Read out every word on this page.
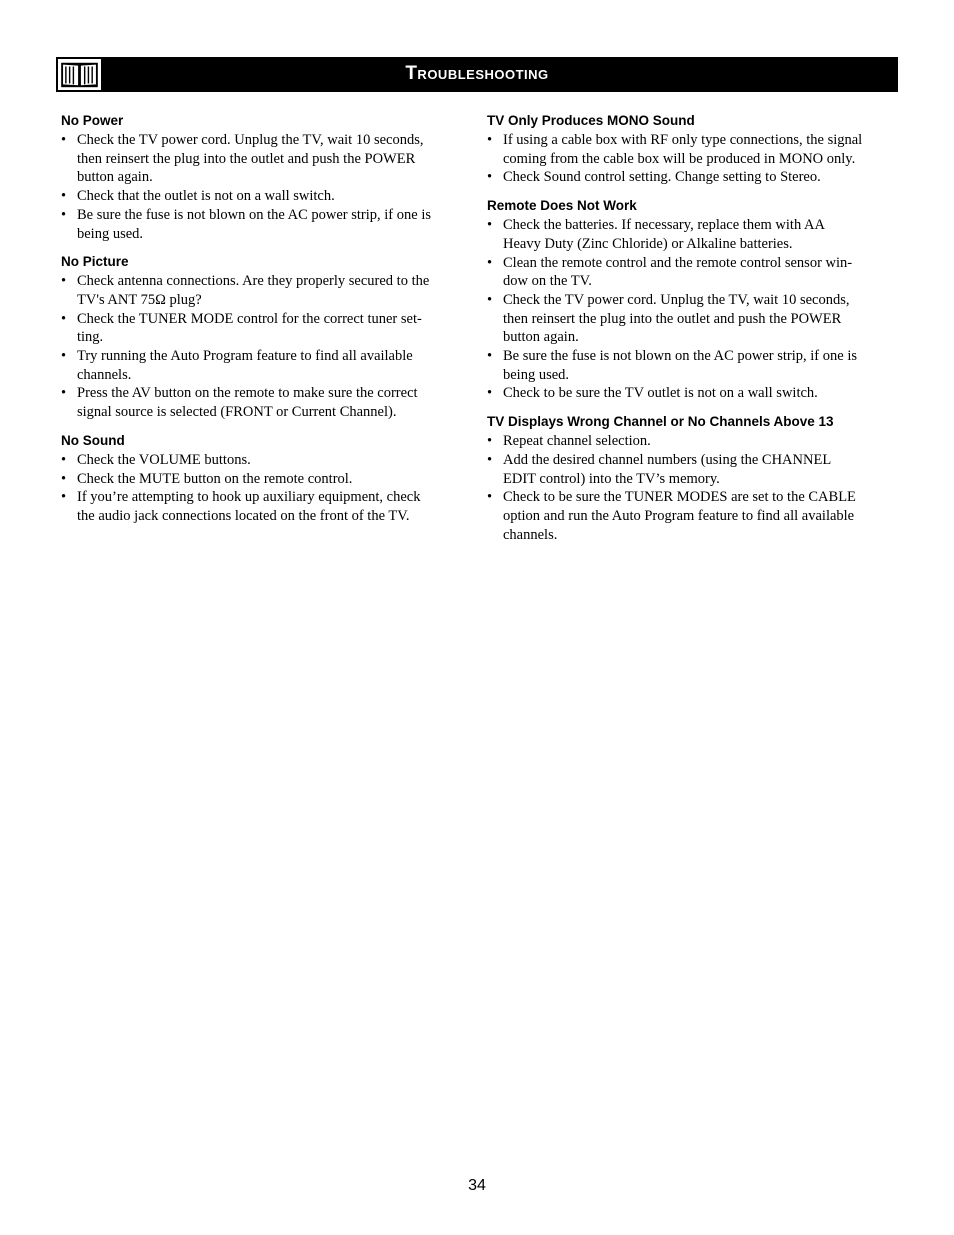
Troubleshooting
No Power
• Check the TV power cord. Unplug the TV, wait 10 seconds,
then reinsert the plug into the outlet and push the POWER
button again.
• Check that the outlet is not on a wall switch.
• Be sure the fuse is not blown on the AC power strip, if one is
being used.
No Picture
• Check antenna connections. Are they properly secured to the
TV's ANT 75Ω plug?
• Check the TUNER MODE control for the correct tuner set-
ting.
• Try running the Auto Program feature to find all available
channels.
• Press the AV button on the remote to make sure the correct
signal source is selected (FRONT or Current Channel).
No Sound
• Check the VOLUME buttons.
• Check the MUTE button on the remote control.
• If you’re attempting to hook up auxiliary equipment, check
the audio jack connections located on the front of the TV.
TV Only Produces MONO Sound
• If using a cable box with RF only type connections, the signal
coming from the cable box will be produced in MONO only.
• Check Sound control setting. Change setting to Stereo.
Remote Does Not Work
• Check the batteries. If necessary, replace them with AA
Heavy Duty (Zinc Chloride) or Alkaline batteries.
• Clean the remote control and the remote control sensor win-
dow on the TV.
• Check the TV power cord. Unplug the TV, wait 10 seconds,
then reinsert the plug into the outlet and push the POWER
button again.
• Be sure the fuse is not blown on the AC power strip, if one is
being used.
• Check to be sure the TV outlet is not on a wall switch.
TV Displays Wrong Channel or No Channels Above 13
• Repeat channel selection.
• Add the desired channel numbers (using the CHANNEL
EDIT control) into the TV’s memory.
• Check to be sure the TUNER MODES are set to the CABLE
option and run the Auto Program feature to find all available
channels.
34
